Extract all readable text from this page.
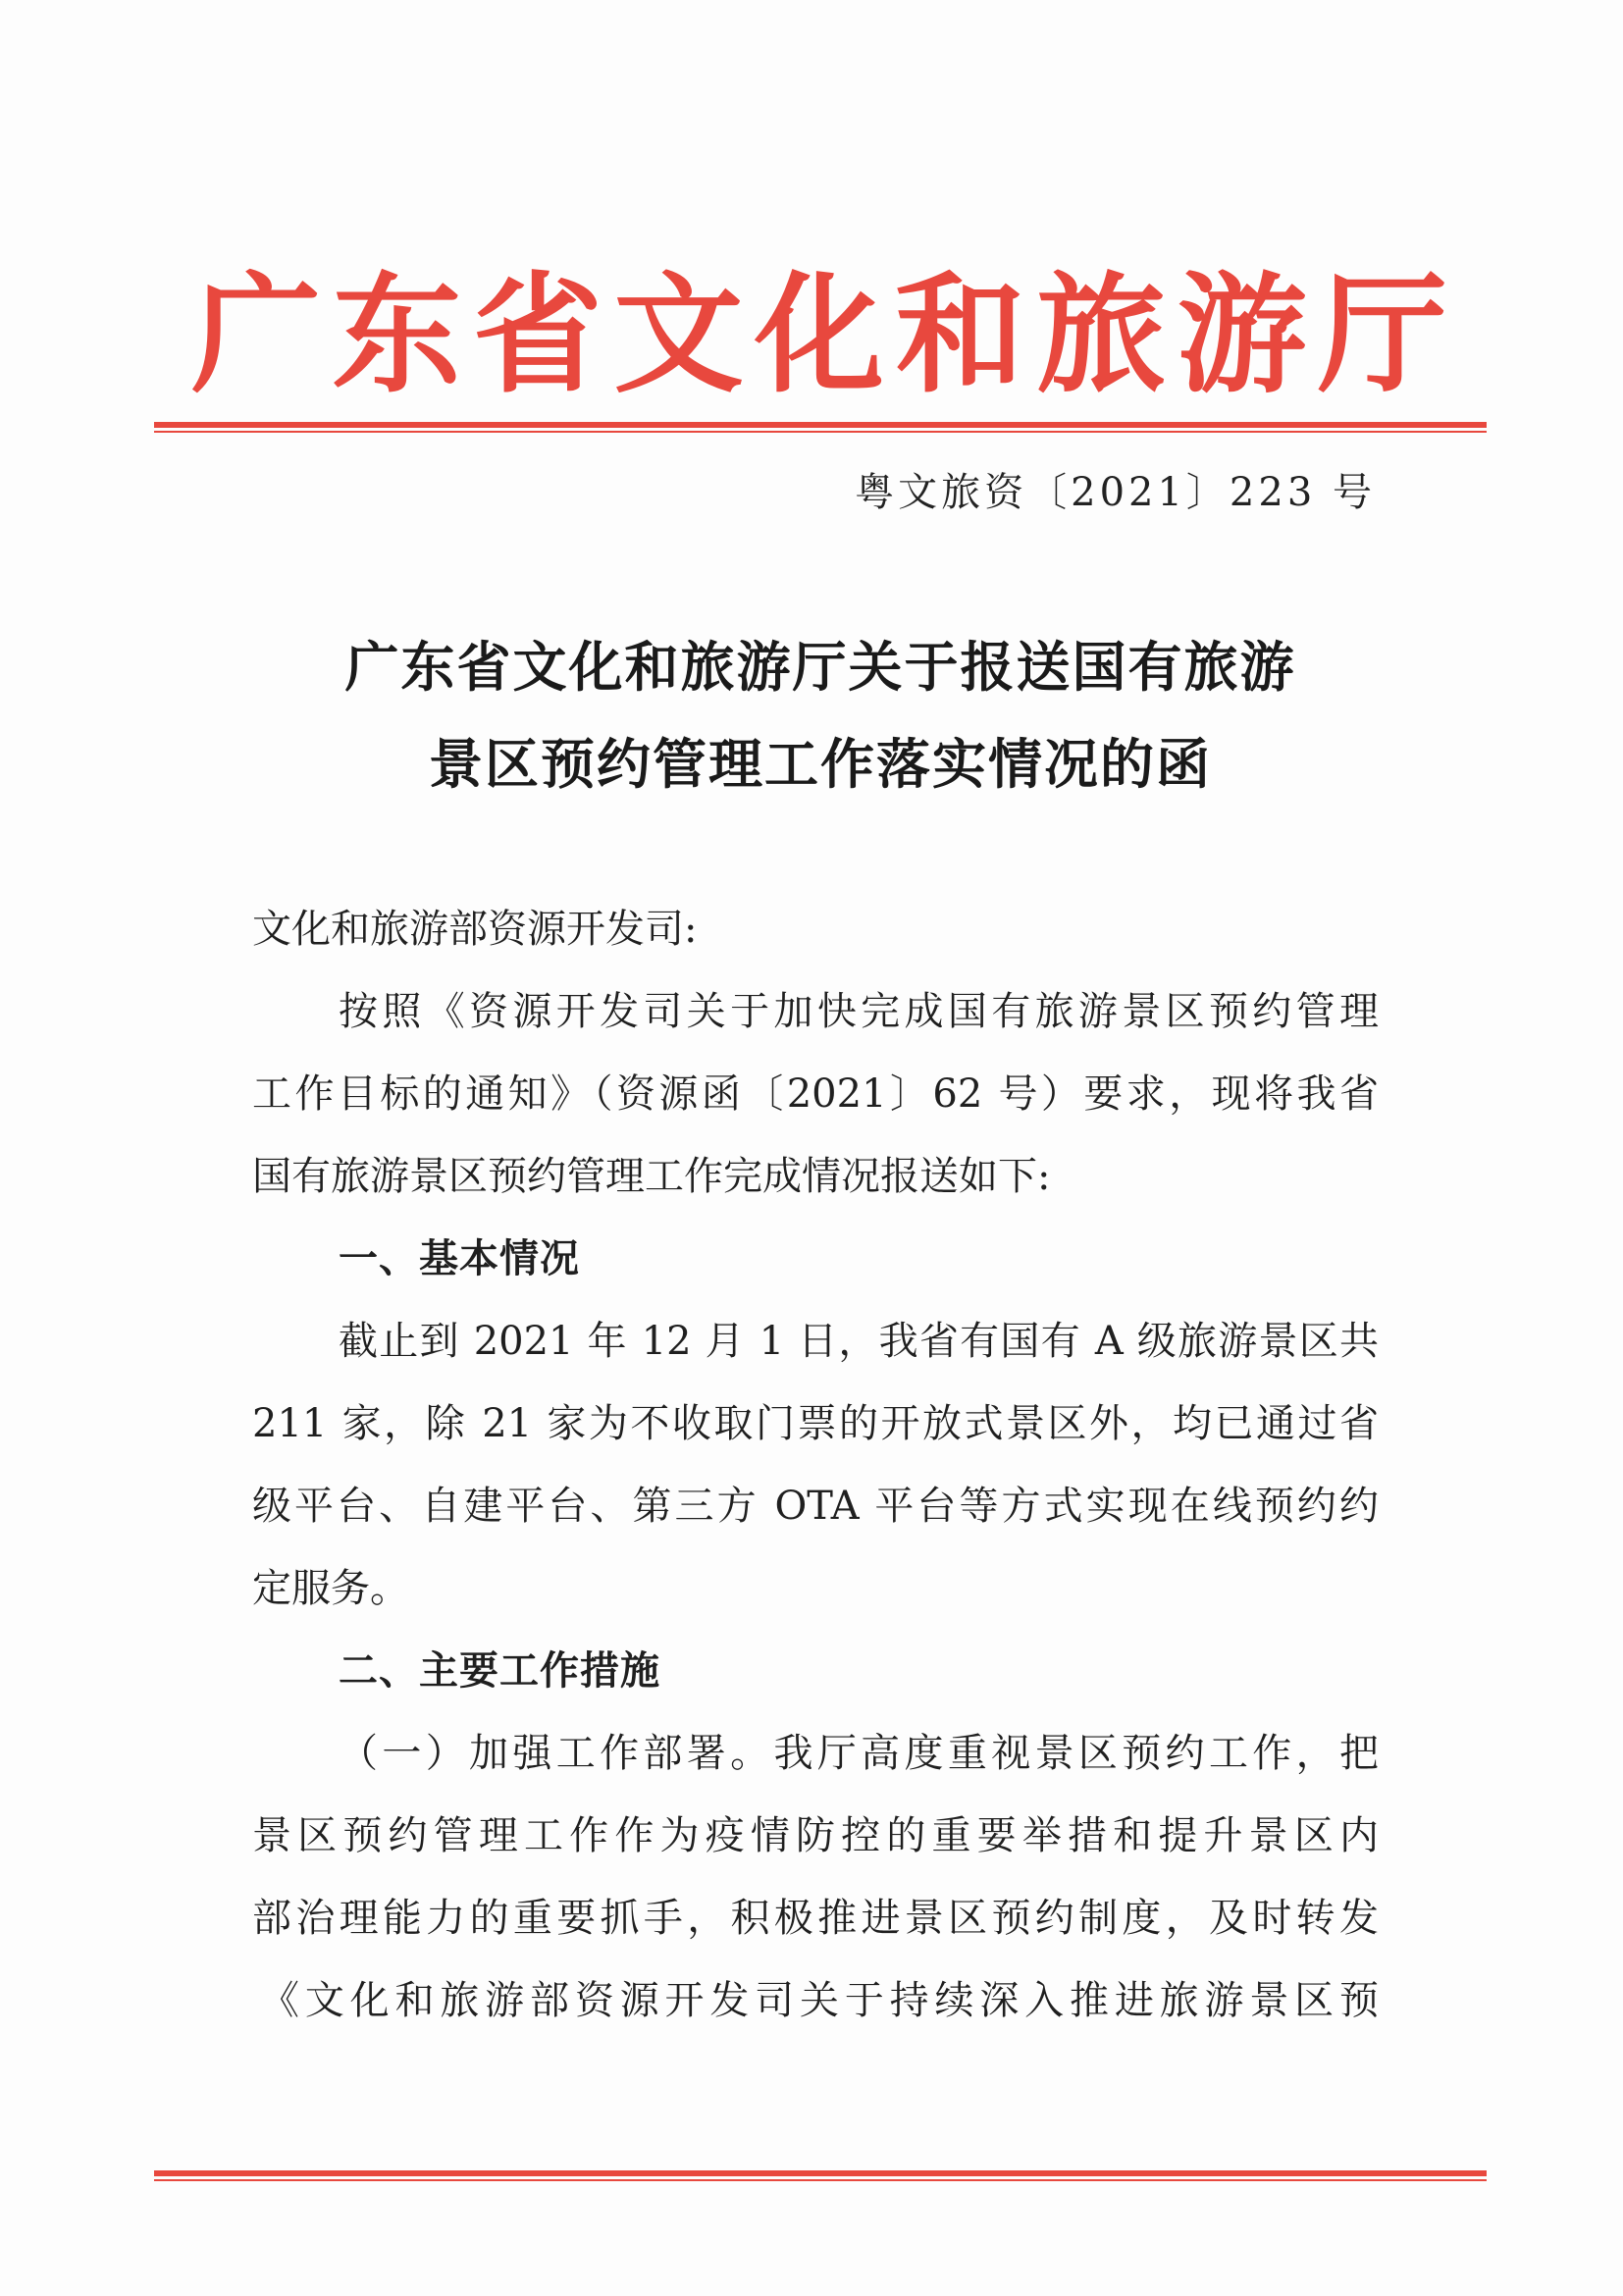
广 东 省 文 化 和 旅 游 厅
粤文旅资〔2021〕223 号
广东省文化和旅游厅关于报送国有旅游
景区预约管理工作落实情况的函
文化和旅游部资源开发司:
按照《资源开发司关于加快完成国有旅游景区预约管理
工作目标的通知》（资源函〔2021〕62 号）要求，现将我省
国有旅游景区预约管理工作完成情况报送如下:
一、基本情况
截止到 2021 年 12 月 1 日，我省有国有 A 级旅游景区共
211 家，除 21 家为不收取门票的开放式景区外，均已通过省
级平台、自建平台、第三方 OTA 平台等方式实现在线预约约
定服务。
二、主要工作措施
（一）加强工作部署。我厅高度重视景区预约工作，把
景区预约管理工作作为疫情防控的重要举措和提升景区内
部治理能力的重要抓手，积极推进景区预约制度，及时转发
《文化和旅游部资源开发司关于持续深入推进旅游景区预
